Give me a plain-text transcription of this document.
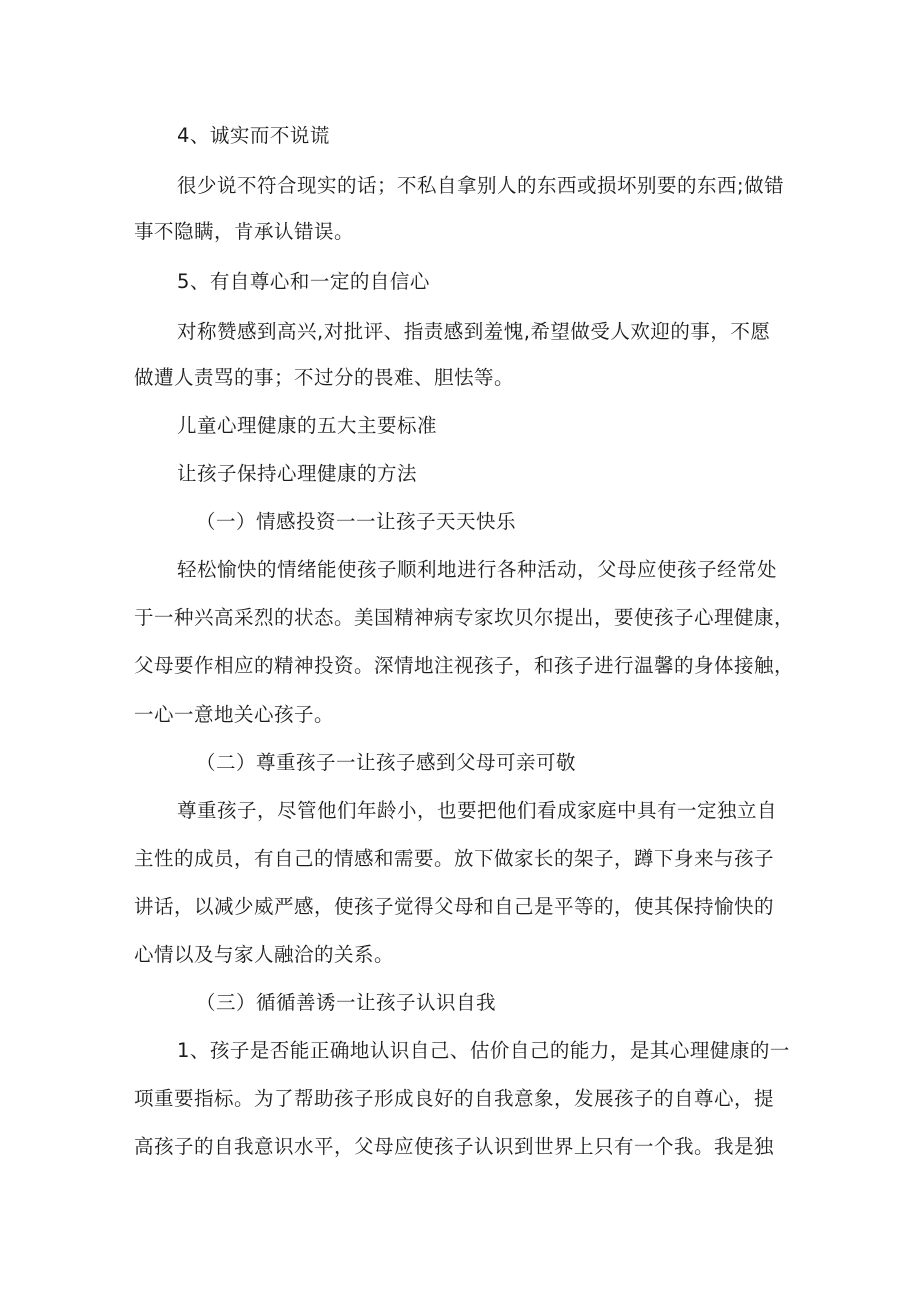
4、诚实而不说谎
很少说不符合现实的话；不私自拿别人的东西或损坏别要的东西;做错
事不隐瞒，肯承认错误。
5、有自尊心和一定的自信心
对称赞感到高兴,对批评、指责感到羞愧,希望做受人欢迎的事，不愿
做遭人责骂的事；不过分的畏难、胆怯等。
儿童心理健康的五大主要标准
让孩子保持心理健康的方法
（一）情感投资一一让孩子天天快乐
轻松愉快的情绪能使孩子顺利地进行各种活动，父母应使孩子经常处
于一种兴高采烈的状态。美国精神病专家坎贝尔提出，要使孩子心理健康，
父母要作相应的精神投资。深情地注视孩子，和孩子进行温馨的身体接触，
一心一意地关心孩子。
（二）尊重孩子一让孩子感到父母可亲可敬
尊重孩子，尽管他们年龄小，也要把他们看成家庭中具有一定独立自
主性的成员，有自己的情感和需要。放下做家长的架子，蹲下身来与孩子
讲话，以减少威严感，使孩子觉得父母和自己是平等的，使其保持愉快的
心情以及与家人融洽的关系。
（三）循循善诱一让孩子认识自我
1、孩子是否能正确地认识自己、估价自己的能力，是其心理健康的一
项重要指标。为了帮助孩子形成良好的自我意象，发展孩子的自尊心，提
高孩子的自我意识水平，父母应使孩子认识到世界上只有一个我。我是独
